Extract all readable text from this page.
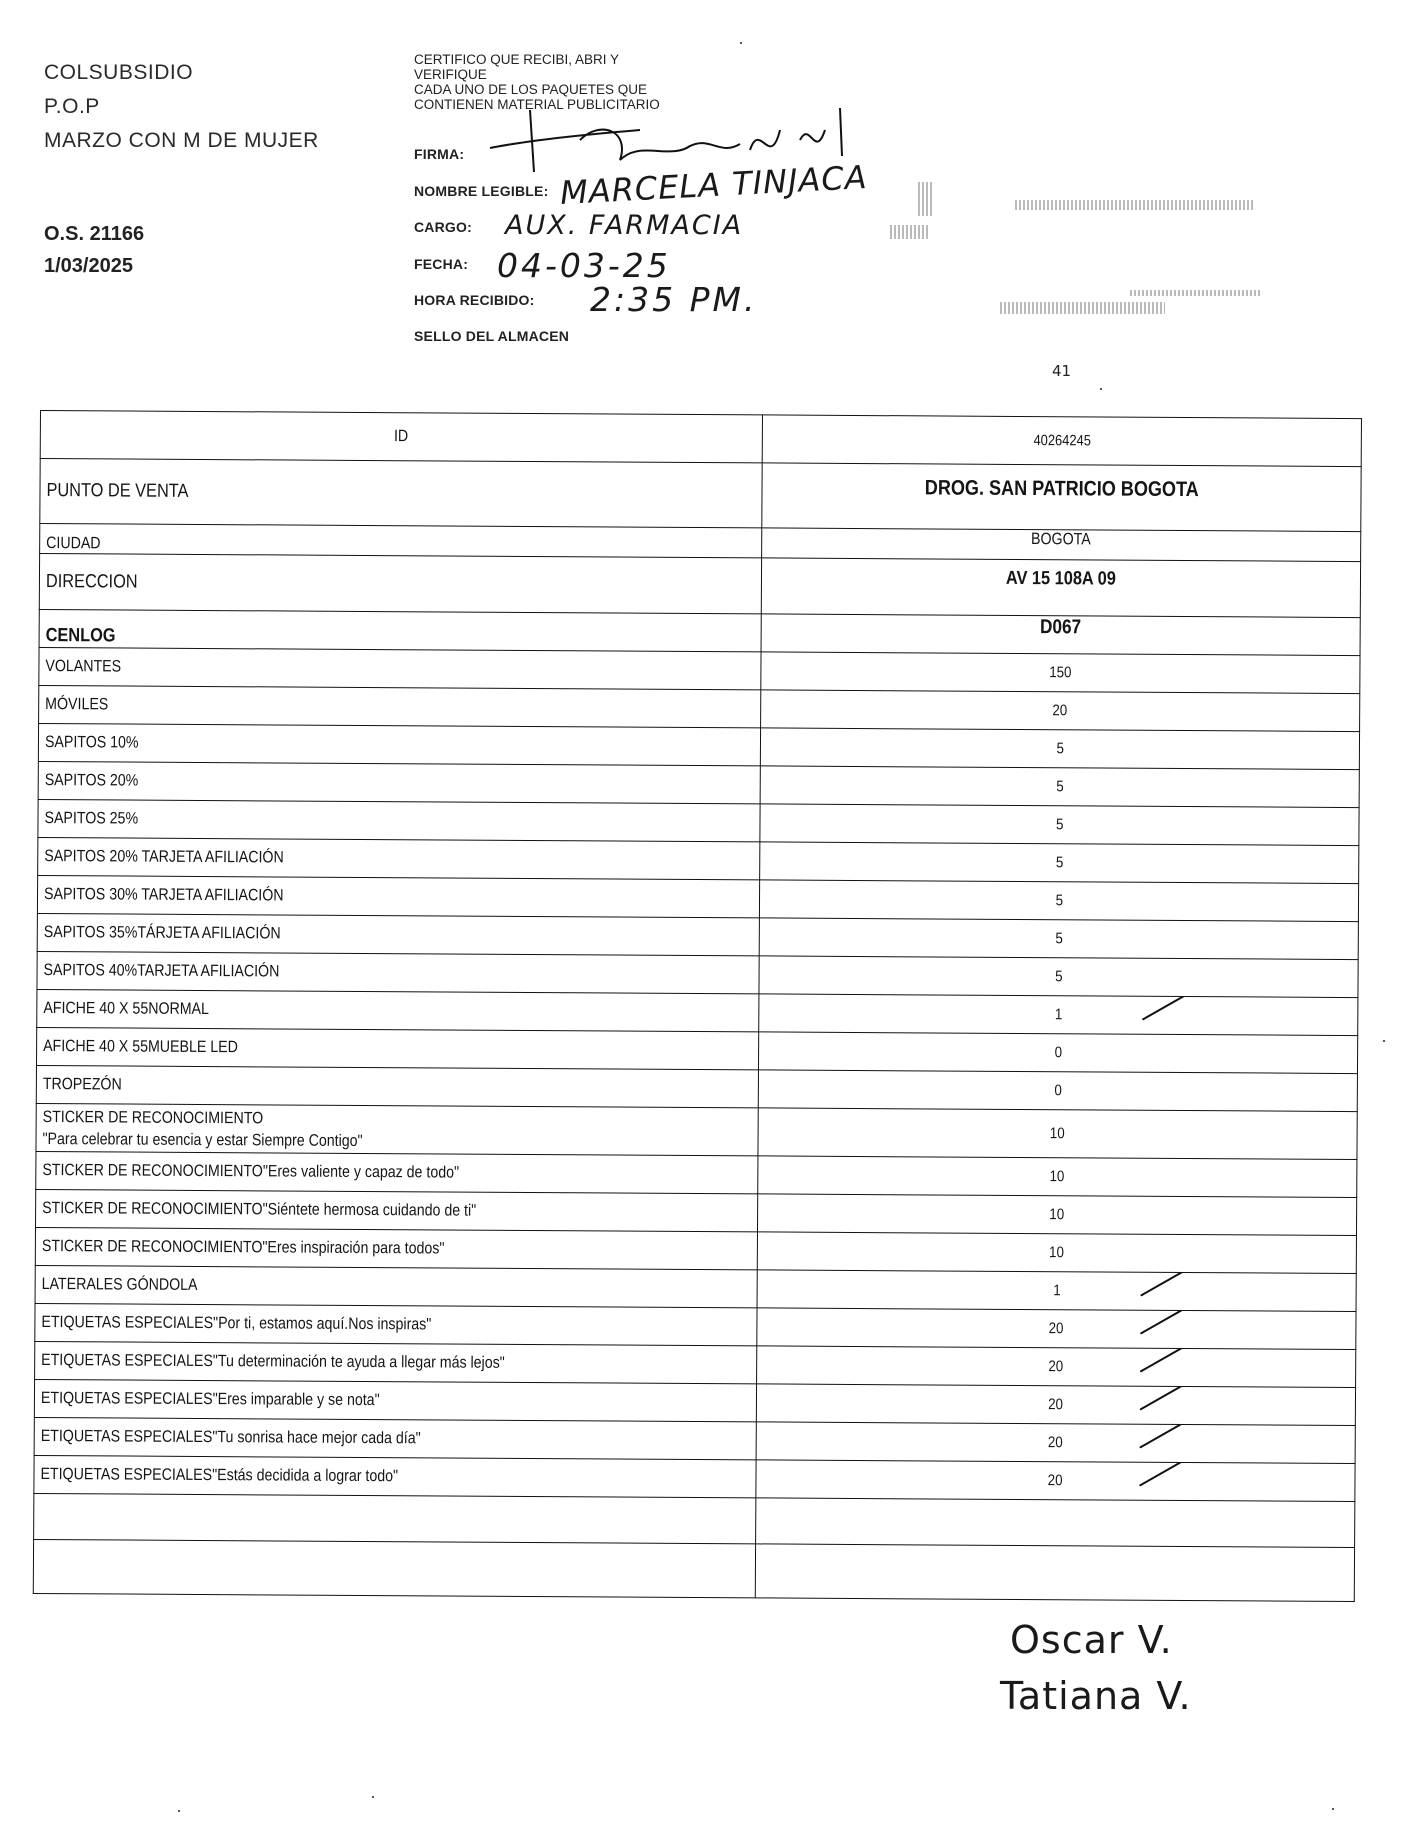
COLSUBSIDIO
P.O.P
MARZO CON M DE MUJER
O.S. 21166
1/03/2025
CERTIFICO QUE RECIBI, ABRI Y
VERIFIQUE
CADA UNO DE LOS PAQUETES QUE
CONTIENEN MATERIAL PUBLICITARIO
FIRMA:
NOMBRE LEGIBLE: MARCELA TINJACA
CARGO: AUX. FARMACIA
FECHA: 04-03-25
HORA RECIBIDO: 2:35 PM.
SELLO DEL ALMACEN
41
ID	40264245
PUNTO DE VENTA	DROG. SAN PATRICIO BOGOTA
CIUDAD	BOGOTA
DIRECCION	AV 15 108A 09
CENLOG	D067
VOLANTES	150
MÓVILES	20
SAPITOS 10%	5
SAPITOS 20%	5
SAPITOS 25%	5
SAPITOS 20% TARJETA AFILIACIÓN	5
SAPITOS 30% TARJETA AFILIACIÓN	5
SAPITOS 35%TÁRJETA AFILIACIÓN	5
SAPITOS 40%TARJETA AFILIACIÓN	5
AFICHE 40 X 55NORMAL	1

AFICHE 40 X 55MUEBLE LED	0
TROPEZÓN	0
STICKER DE RECONOCIMIENTO
"Para celebrar tu esencia y estar Siempre Contigo"	10
STICKER DE RECONOCIMIENTO"Eres valiente y capaz de todo"	10
STICKER DE RECONOCIMIENTO"Siéntete hermosa cuidando de ti"	10
STICKER DE RECONOCIMIENTO"Eres inspiración para todos"	10
LATERALES GÓNDOLA	1

ETIQUETAS ESPECIALES"Por ti, estamos aquí.Nos inspiras"	20

ETIQUETAS ESPECIALES"Tu determinación te ayuda a llegar más lejos"	20

ETIQUETAS ESPECIALES"Eres imparable y se nota"	20

ETIQUETAS ESPECIALES"Tu sonrisa hace mejor cada día"	20

ETIQUETAS ESPECIALES"Estás decidida a lograr todo"	20

Oscar V.
Tatiana V.
